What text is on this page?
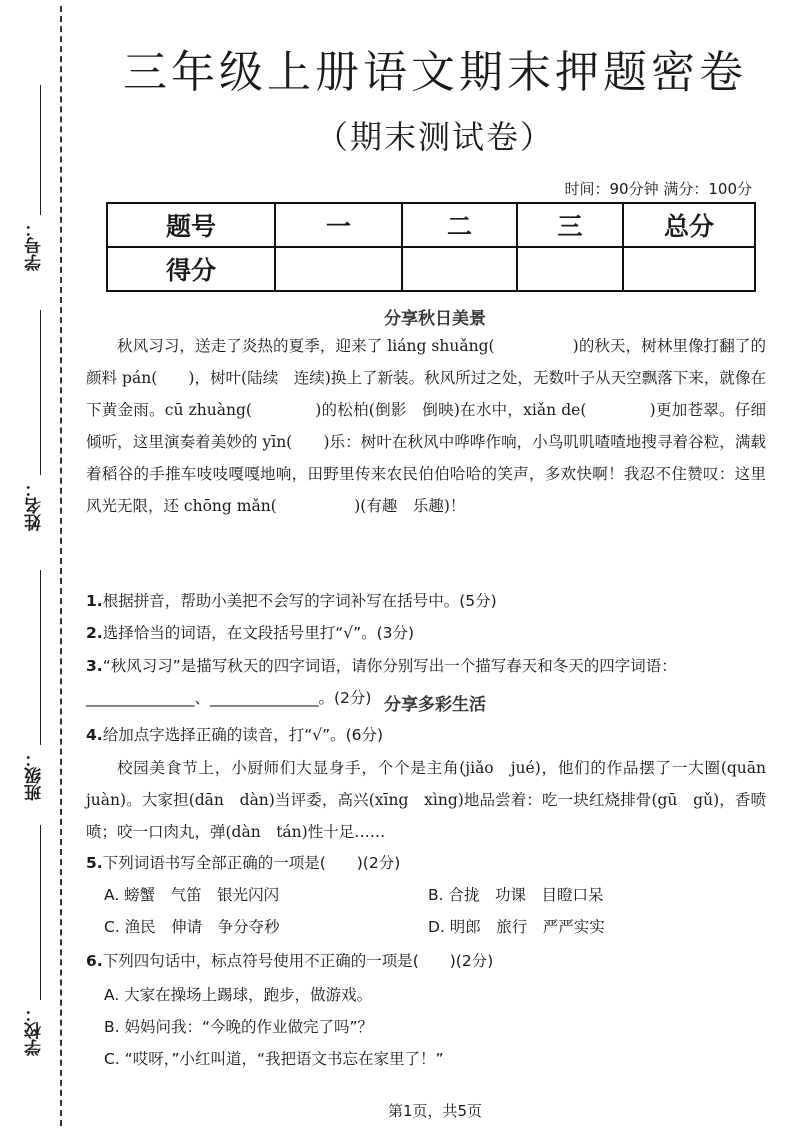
学号：
姓名：
班级：
学校：
三年级上册语文期末押题密卷
（期末测试卷）
时间：90分钟 满分：100分
题号	一	二	三	总分
得分				
分享秋日美景

秋风习习，送走了炎热的夏季，迎来了 liáng shuǎng(　　　　　)的秋天，树林里像打翻了的颜料 pán(　　)，树叶(陆续　连续)换上了新装。秋风所过之处，无数叶子从天空飘落下来，就像在下黄金雨。cū zhuàng(　　　　)的松柏(倒影　倒映)在水中，xiǎn de(　　　　)更加苍翠。仔细倾听，这里演奏着美妙的 yīn(　　)乐：树叶在秋风中哗哗作响，小鸟叽叽喳喳地搜寻着谷粒，满载着稻谷的手推车吱吱嘎嘎地响，田野里传来农民伯伯哈哈的笑声，多欢快啊！我忍不住赞叹：这里风光无限，还 chōng mǎn(　　　　　)(有趣　乐趣)！

1.根据拼音，帮助小美把不会写的字词补写在括号中。(5分)
2.选择恰当的词语，在文段括号里打“√”。(3分)
3.“秋风习习”是描写秋天的四字词语，请你分别写出一个描写春天和冬天的四字词语：______________、______________。(2分) 分享多彩生活
4.给加点字选择正确的读音，打“√”。(6分)

校园美食节上，小厨师们大显身手，个个是主角(jiǎo　jué)，他们的作品摆了一大圈(quān　juàn)。大家担(dān　dàn)当评委，高兴(xīng　xìng)地品尝着：吃一块红烧排骨(gū　gǔ)，香喷喷；咬一口肉丸，弹(dàn　tán)性十足……

5.下列词语书写全部正确的一项是(　　)(2分)
A. 螃蟹　气笛　银光闪闪	B. 合拢　功课　目瞪口呆
C. 渔民　伸请　争分夺秒	D. 明郎　旅行　严严实实
6.下列四句话中，标点符号使用不正确的一项是(　　)(2分)
A. 大家在操场上踢球，跑步，做游戏。
B. 妈妈问我：“今晚的作业做完了吗”？
C. “哎呀，”小红叫道，“我把语文书忘在家里了！”
第1页，共5页
